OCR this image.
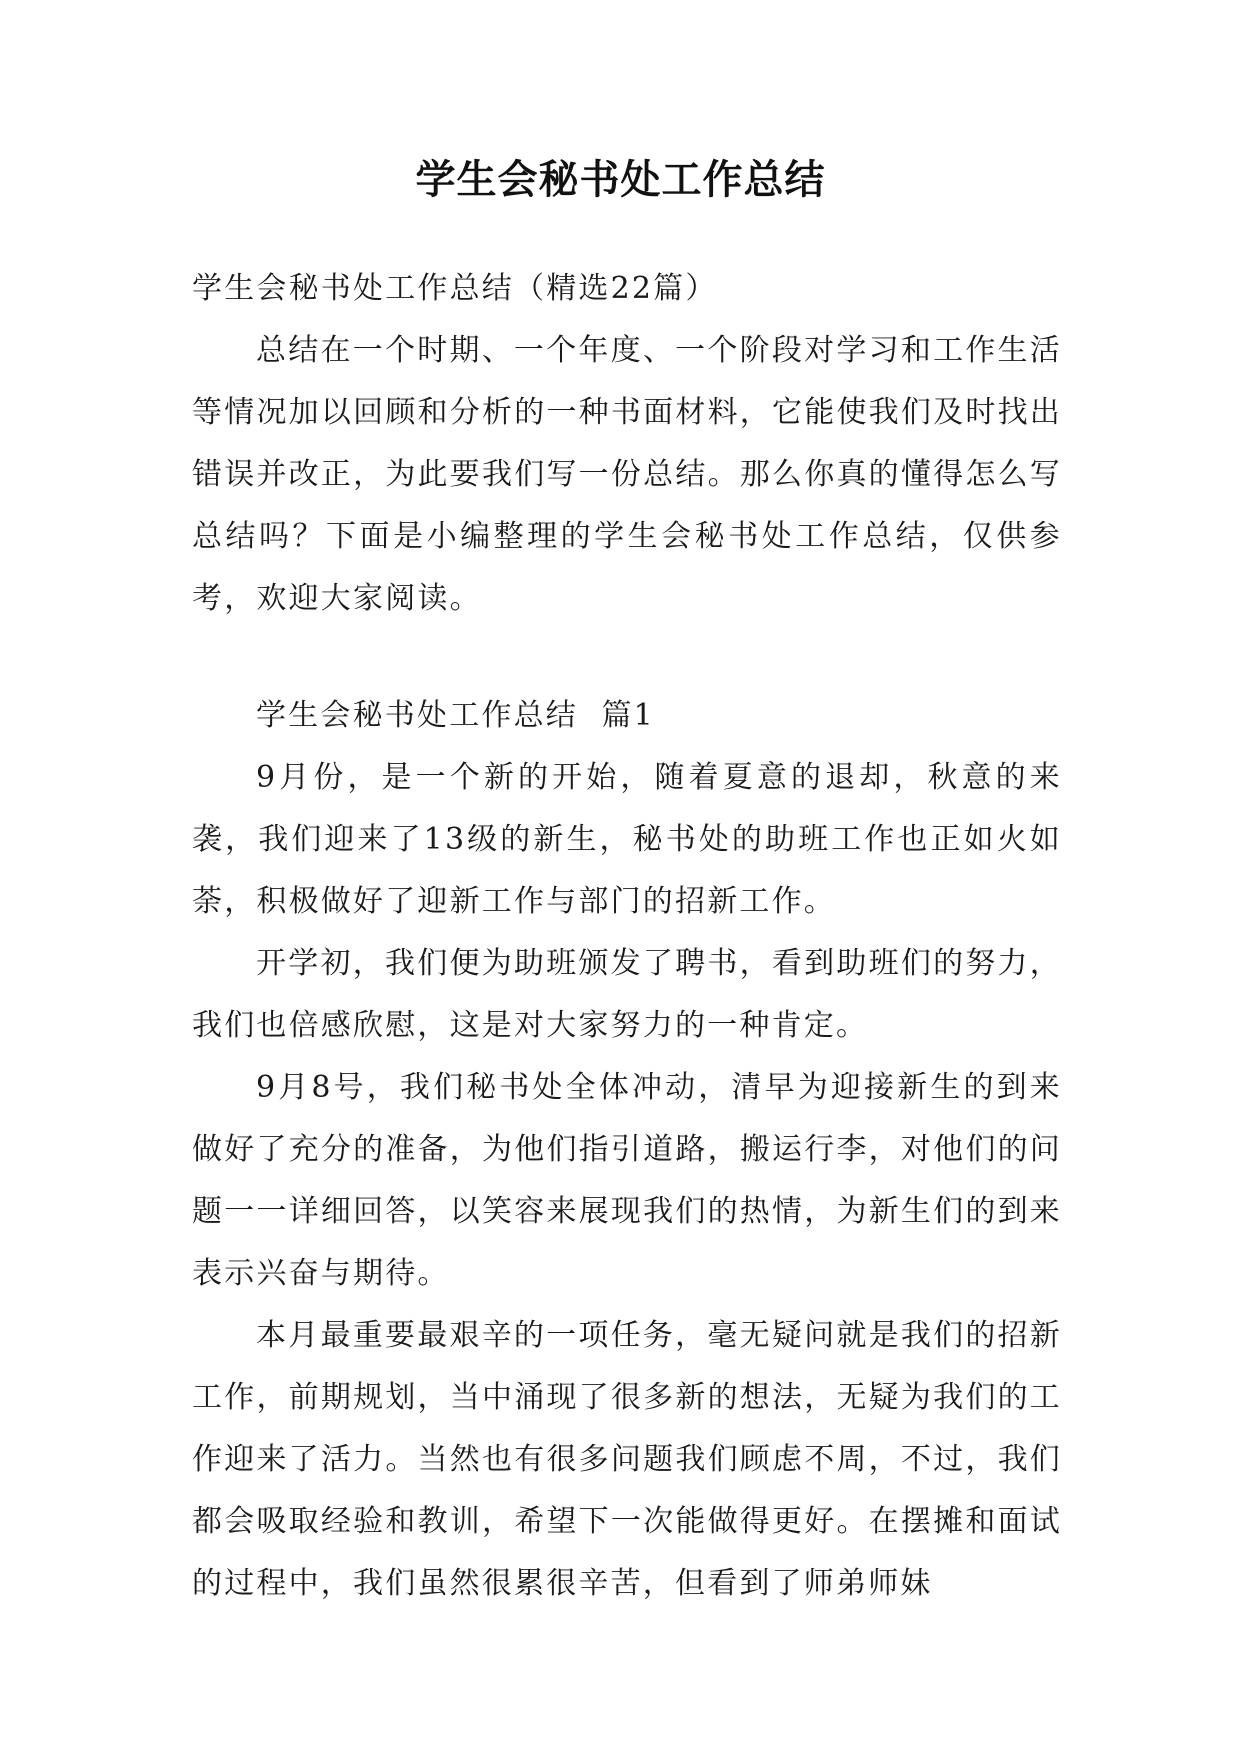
学生会秘书处工作总结

学生会秘书处工作总结（精选22篇）

总结在一个时期、一个年度、一个阶段对学习和工作生活等情况加以回顾和分析的一种书面材料，它能使我们及时找出错误并改正，为此要我们写一份总结。那么你真的懂得怎么写总结吗？下面是小编整理的学生会秘书处工作总结，仅供参考，欢迎大家阅读。

学生会秘书处工作总结  篇1

9月份，是一个新的开始，随着夏意的退却，秋意的来袭，我们迎来了13级的新生，秘书处的助班工作也正如火如荼，积极做好了迎新工作与部门的招新工作。

开学初，我们便为助班颁发了聘书，看到助班们的努力，我们也倍感欣慰，这是对大家努力的一种肯定。

9月8号，我们秘书处全体冲动，清早为迎接新生的到来做好了充分的准备，为他们指引道路，搬运行李，对他们的问题一一详细回答，以笑容来展现我们的热情，为新生们的到来表示兴奋与期待。

本月最重要最艰辛的一项任务，毫无疑问就是我们的招新工作，前期规划，当中涌现了很多新的想法，无疑为我们的工作迎来了活力。当然也有很多问题我们顾虑不周，不过，我们都会吸取经验和教训，希望下一次能做得更好。在摆摊和面试的过程中，我们虽然很累很辛苦，但看到了师弟师妹
